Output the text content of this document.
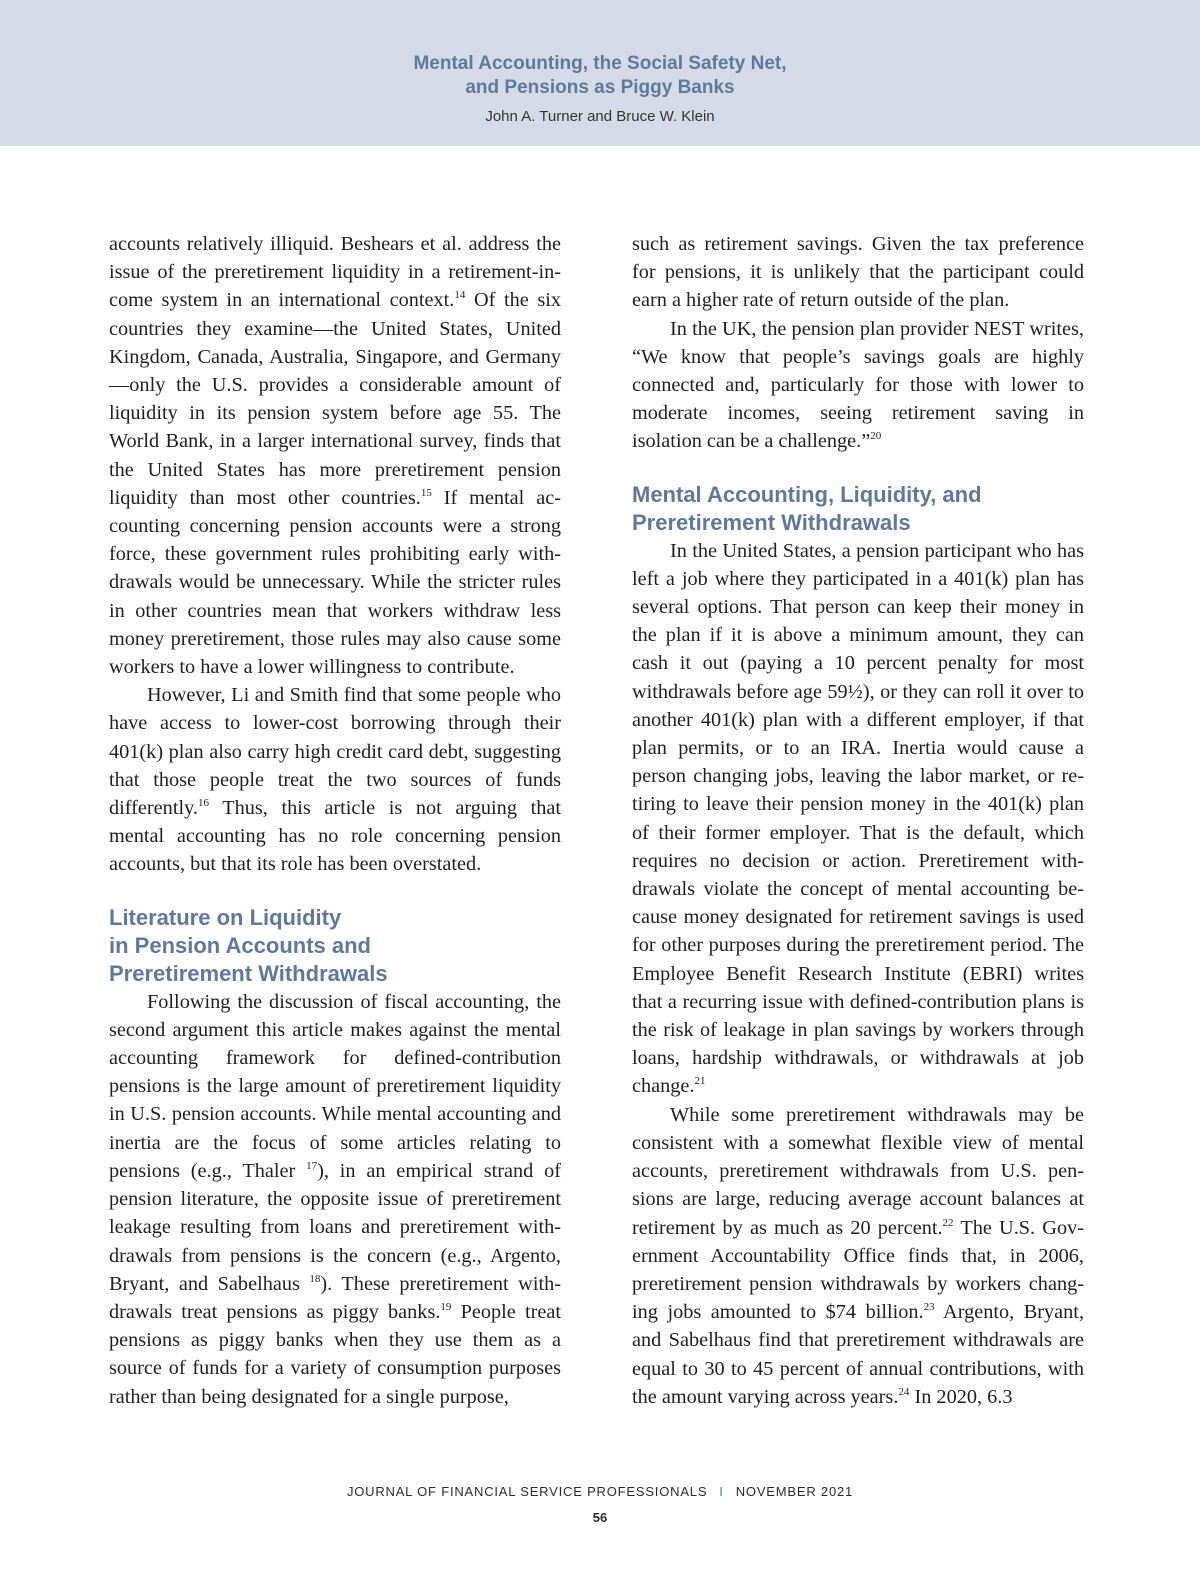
Mental Accounting, the Social Safety Net,
and Pensions as Piggy Banks
John A. Turner and Bruce W. Klein

accounts relatively illiquid. Beshears et al. address the issue of the preretirement liquidity in a retirement-income system in an international context.$^{14}$ Of the six countries they examine—the United States, United Kingdom, Canada, Australia, Singapore, and Germany—only the U.S. provides a considerable amount of liquidity in its pension system before age 55. The World Bank, in a larger international survey, finds that the United States has more preretirement pension liquidity than most other countries.$^{15}$ If mental accounting concerning pension accounts were a strong force, these government rules prohibiting early withdrawals would be unnecessary. While the stricter rules in other countries mean that workers withdraw less money preretirement, those rules may also cause some workers to have a lower willingness to contribute.

However, Li and Smith find that some people who have access to lower-cost borrowing through their 401(k) plan also carry high credit card debt, suggesting that those people treat the two sources of funds differently.$^{16}$ Thus, this article is not arguing that mental accounting has no role concerning pension accounts, but that its role has been overstated.

Literature on Liquidity
in Pension Accounts and
Preretirement Withdrawals

Following the discussion of fiscal accounting, the second argument this article makes against the mental accounting framework for defined-contribution pensions is the large amount of preretirement liquidity in U.S. pension accounts. While mental accounting and inertia are the focus of some articles relating to pensions (e.g., Thaler $^{17}$), in an empirical strand of pension literature, the opposite issue of preretirement leakage resulting from loans and preretirement withdrawals from pensions is the concern (e.g., Argento, Bryant, and Sabelhaus $^{18}$). These preretirement withdrawals treat pensions as piggy banks.$^{19}$ People treat pensions as piggy banks when they use them as a source of funds for a variety of consumption purposes rather than being designated for a single purpose,

such as retirement savings. Given the tax preference for pensions, it is unlikely that the participant could earn a higher rate of return outside of the plan.

In the UK, the pension plan provider NEST writes, “We know that people’s savings goals are highly connected and, particularly for those with lower to moderate incomes, seeing retirement saving in isolation can be a challenge.”$^{20}$

Mental Accounting, Liquidity, and
Preretirement Withdrawals

In the United States, a pension participant who has left a job where they participated in a 401(k) plan has several options. That person can keep their money in the plan if it is above a minimum amount, they can cash it out (paying a 10 percent penalty for most withdrawals before age 59½), or they can roll it over to another 401(k) plan with a different employer, if that plan permits, or to an IRA. Inertia would cause a person changing jobs, leaving the labor market, or retiring to leave their pension money in the 401(k) plan of their former employer. That is the default, which requires no decision or action. Preretirement withdrawals violate the concept of mental accounting because money designated for retirement savings is used for other purposes during the preretirement period. The Employee Benefit Research Institute (EBRI) writes that a recurring issue with defined-contribution plans is the risk of leakage in plan savings by workers through loans, hardship withdrawals, or withdrawals at job change.$^{21}$

While some preretirement withdrawals may be consistent with a somewhat flexible view of mental accounts, preretirement withdrawals from U.S. pensions are large, reducing average account balances at retirement by as much as 20 percent.$^{22}$ The U.S. Government Accountability Office finds that, in 2006, preretirement pension withdrawals by workers changing jobs amounted to $74 billion.$^{23}$ Argento, Bryant, and Sabelhaus find that preretirement withdrawals are equal to 30 to 45 percent of annual contributions, with the amount varying across years.$^{24}$ In 2020, 6.3

JOURNAL OF FINANCIAL SERVICE PROFESSIONALS I NOVEMBER 2021
56
